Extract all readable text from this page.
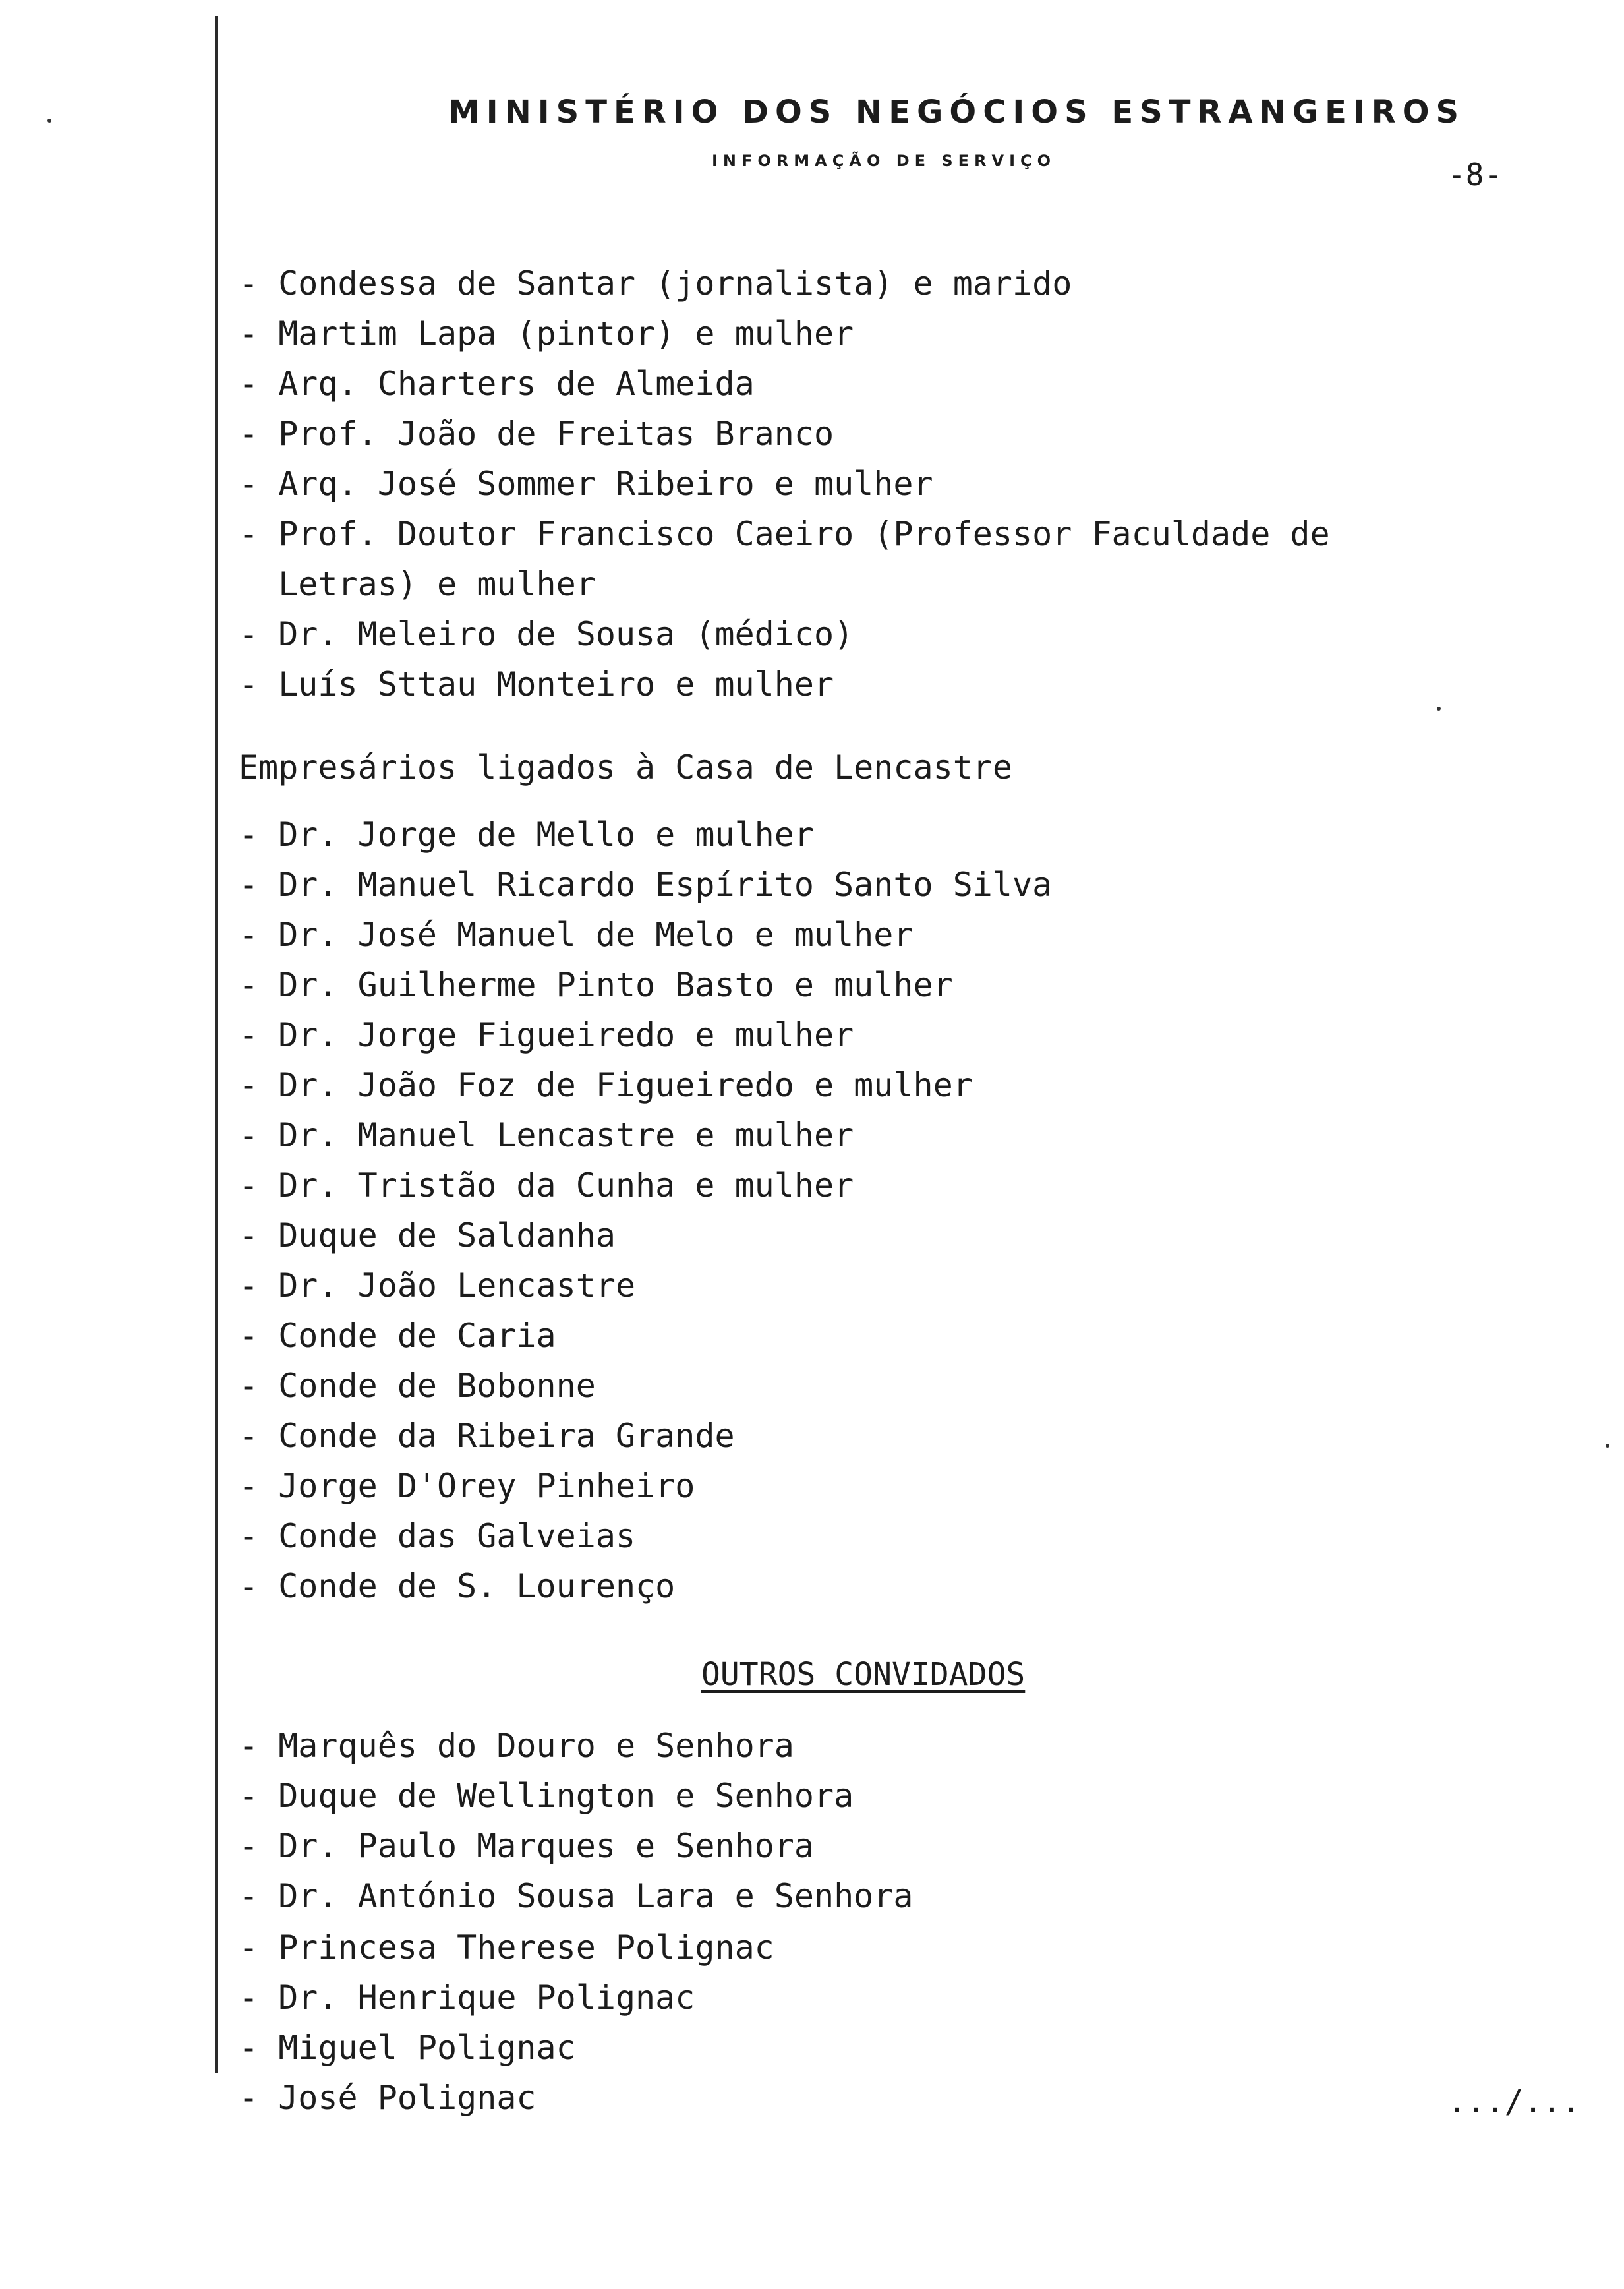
MINISTÉRIO DOS NEGÓCIOS ESTRANGEIROS
INFORMAÇÃO DE SERVIÇO	-8-
- Condessa de Santar (jornalista) e marido
- Martim Lapa (pintor) e mulher
- Arq. Charters de Almeida
- Prof. João de Freitas Branco
- Arq. José Sommer Ribeiro e mulher
- Prof. Doutor Francisco Caeiro (Professor Faculdade de
Letras) e mulher
- Dr. Meleiro de Sousa (médico)
- Luís Sttau Monteiro e mulher
Empresários ligados à Casa de Lencastre
- Dr. Jorge de Mello e mulher
- Dr. Manuel Ricardo Espírito Santo Silva
- Dr. José Manuel de Melo e mulher
- Dr. Guilherme Pinto Basto e mulher
- Dr. Jorge Figueiredo e mulher
- Dr. João Foz de Figueiredo e mulher
- Dr. Manuel Lencastre e mulher
- Dr. Tristão da Cunha e mulher
- Duque de Saldanha
- Dr. João Lencastre
- Conde de Caria
- Conde de Bobonne
- Conde da Ribeira Grande
- Jorge D'Orey Pinheiro
- Conde das Galveias
- Conde de S. Lourenço
OUTROS CONVIDADOS
- Marquês do Douro e Senhora
- Duque de Wellington e Senhora
- Dr. Paulo Marques e Senhora
- Dr. António Sousa Lara e Senhora
- Princesa Therese Polignac
- Dr. Henrique Polignac
- Miguel Polignac
- José Polignac	.../...
